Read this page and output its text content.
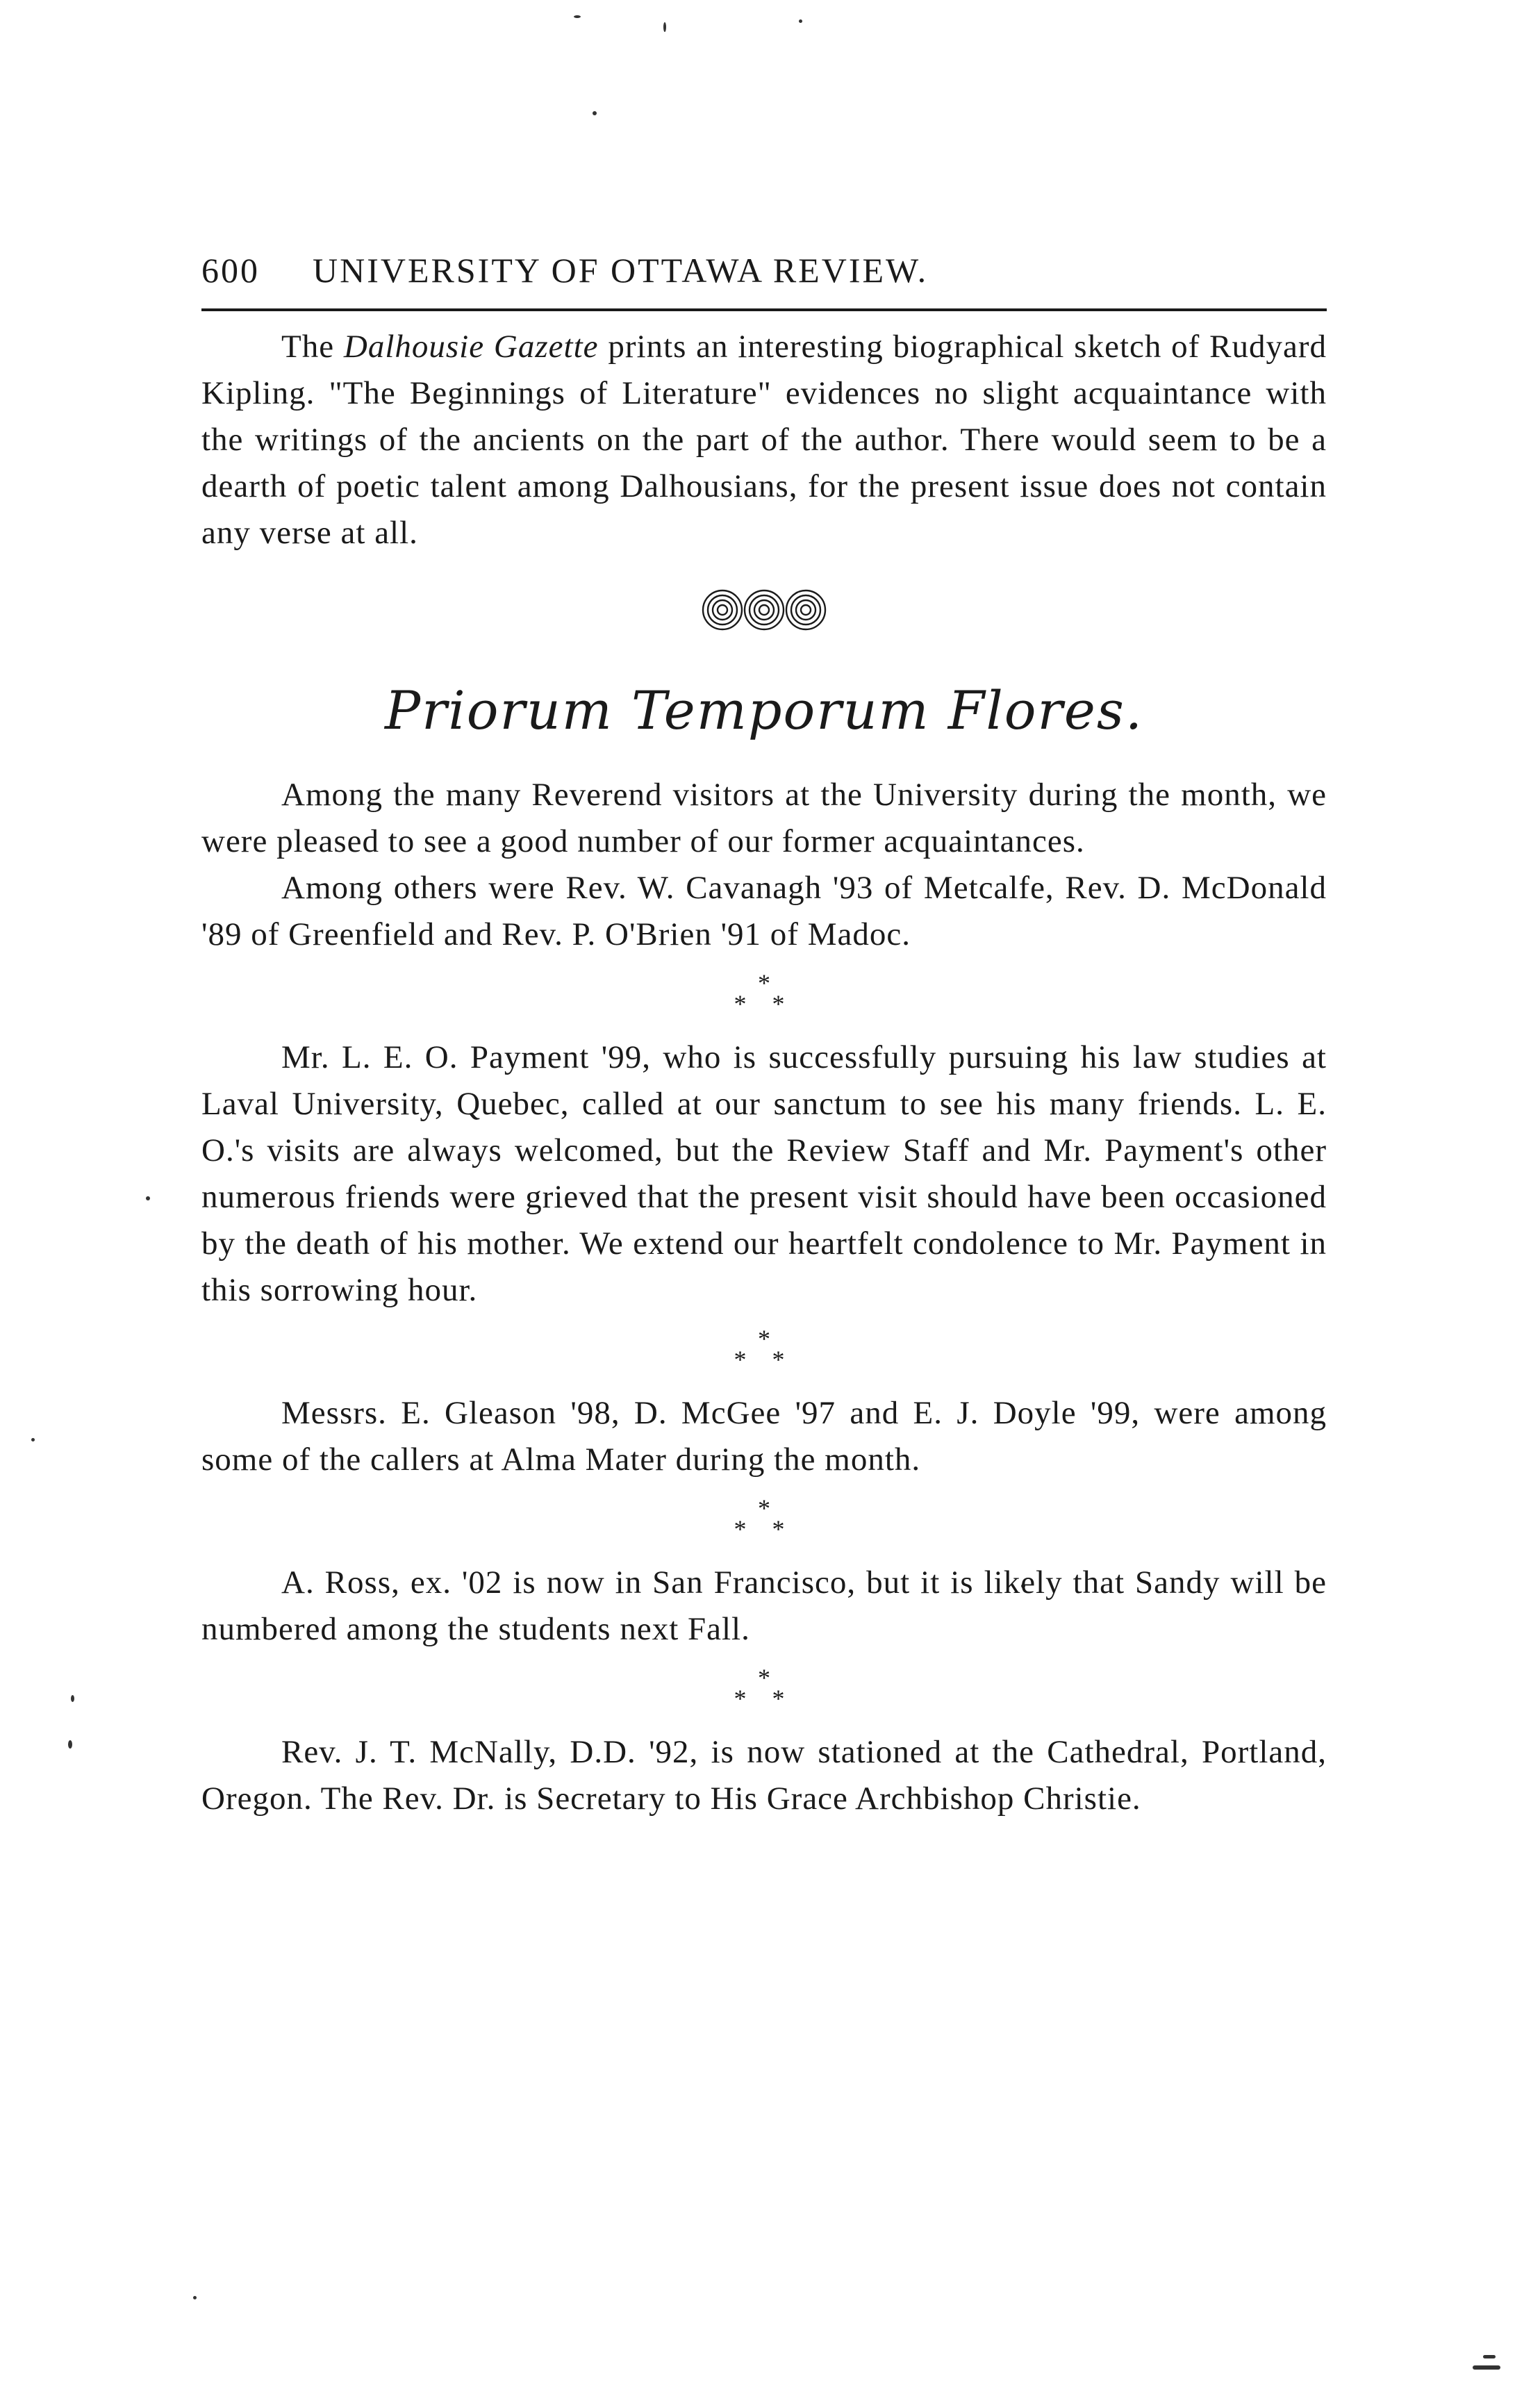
600	UNIVERSITY OF OTTAWA REVIEW.

The Dalhousie Gazette prints an interesting biographical sketch of Rudyard Kipling. "The Beginnings of Literature" evidences no slight acquaintance with the writings of the ancients on the part of the author. There would seem to be a dearth of poetic talent among Dalhousians, for the present issue does not contain any verse at all.

Priorum Temporum Flores.

Among the many Reverend visitors at the University during the month, we were pleased to see a good number of our former acquaintances.

Among others were Rev. W. Cavanagh '93 of Metcalfe, Rev. D. McDonald '89 of Greenfield and Rev. P. O'Brien '91 of Madoc.

*
* *

Mr. L. E. O. Payment '99, who is successfully pursuing his law studies at Laval University, Quebec, called at our sanctum to see his many friends. L. E. O.'s visits are always welcomed, but the Review Staff and Mr. Payment's other numerous friends were grieved that the present visit should have been occasioned by the death of his mother. We extend our heartfelt condolence to Mr. Payment in this sorrowing hour.

*
* *

Messrs. E. Gleason '98, D. McGee '97 and E. J. Doyle '99, were among some of the callers at Alma Mater during the month.

*
* *

A. Ross, ex. '02 is now in San Francisco, but it is likely that Sandy will be numbered among the students next Fall.

*
* *

Rev. J. T. McNally, D.D. '92, is now stationed at the Cathedral, Portland, Oregon. The Rev. Dr. is Secretary to His Grace Archbishop Christie.
